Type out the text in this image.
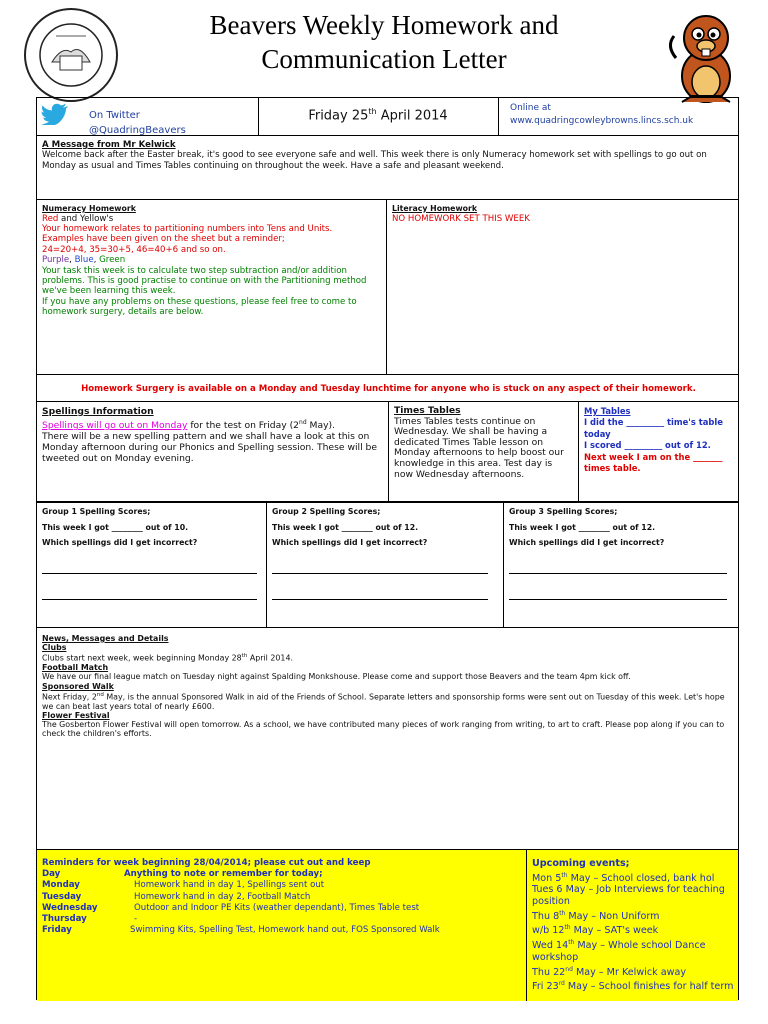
Beavers Weekly Homework and
Communication Letter
On Twitter
@QuadringBeavers
Friday 25th April 2014
Online at
www.quadringcowleybrowns.lincs.sch.uk
A Message from Mr Kelwick
Welcome back after the Easter break, it's good to see everyone safe and well. This week there is only Numeracy homework set with spellings to go out on Monday as usual and Times Tables continuing on throughout the week. Have a safe and pleasant weekend.
Numeracy Homework
Red and Yellow's
Your homework relates to partitioning numbers into Tens and Units.
Examples have been given on the sheet but a reminder;
24=20+4, 35=30+5, 46=40+6 and so on.
Purple, Blue, Green
Your task this week is to calculate two step subtraction and/or addition problems. This is good practise to continue on with the Partitioning method we've been learning this week.
If you have any problems on these questions, please feel free to come to homework surgery, details are below.
Literacy Homework
NO HOMEWORK SET THIS WEEK
Homework Surgery is available on a Monday and Tuesday lunchtime for anyone who is stuck on any aspect of their homework.
Spellings Information
Spellings will go out on Monday for the test on Friday (2nd May).
There will be a new spelling pattern and we shall have a look at this on Monday afternoon during our Phonics and Spelling session. These will be tweeted out on Monday evening.
Times Tables
Times Tables tests continue on Wednesday. We shall be having a dedicated Times Table lesson on Monday afternoons to help boost our knowledge in this area. Test day is now Wednesday afternoons.
My Tables
I did the _________ time's table today
I scored _________ out of 12.
Next week I am on the _______ times table.
Group 1 Spelling Scores;
This week I got ________ out of 10.
Which spellings did I get incorrect?
Group 2 Spelling Scores;
This week I got ________ out of 12.
Which spellings did I get incorrect?
Group 3 Spelling Scores;
This week I got ________ out of 12.
Which spellings did I get incorrect?
News, Messages and Details
Clubs
Clubs start next week, week beginning Monday 28th April 2014.
Football Match
We have our final league match on Tuesday night against Spalding Monkshouse. Please come and support those Beavers and the team 4pm kick off.
Sponsored Walk
Next Friday, 2nd May, is the annual Sponsored Walk in aid of the Friends of School. Separate letters and sponsorship forms were sent out on Tuesday of this week. Let's hope we can beat last years total of nearly £600.
Flower Festival
The Gosberton Flower Festival will open tomorrow. As a school, we have contributed many pieces of work ranging from writing, to art to craft. Please pop along if you can to check the children's efforts.
Reminders for week beginning 28/04/2014; please cut out and keep
Day	Anything to note or remember for today;
Monday	Homework hand in day 1, Spellings sent out
Tuesday	Homework hand in day 2, Football Match
Wednesday	Outdoor and Indoor PE Kits (weather dependant), Times Table test
Thursday	-
Friday	Swimming Kits, Spelling Test, Homework hand out, FOS Sponsored Walk
Upcoming events;
Mon 5th May – School closed, bank hol
Tues 6 May – Job Interviews for teaching position
Thu 8th May – Non Uniform
w/b 12th May – SAT's week
Wed 14th May – Whole school Dance workshop
Thu 22nd May – Mr Kelwick away
Fri 23rd May – School finishes for half term
